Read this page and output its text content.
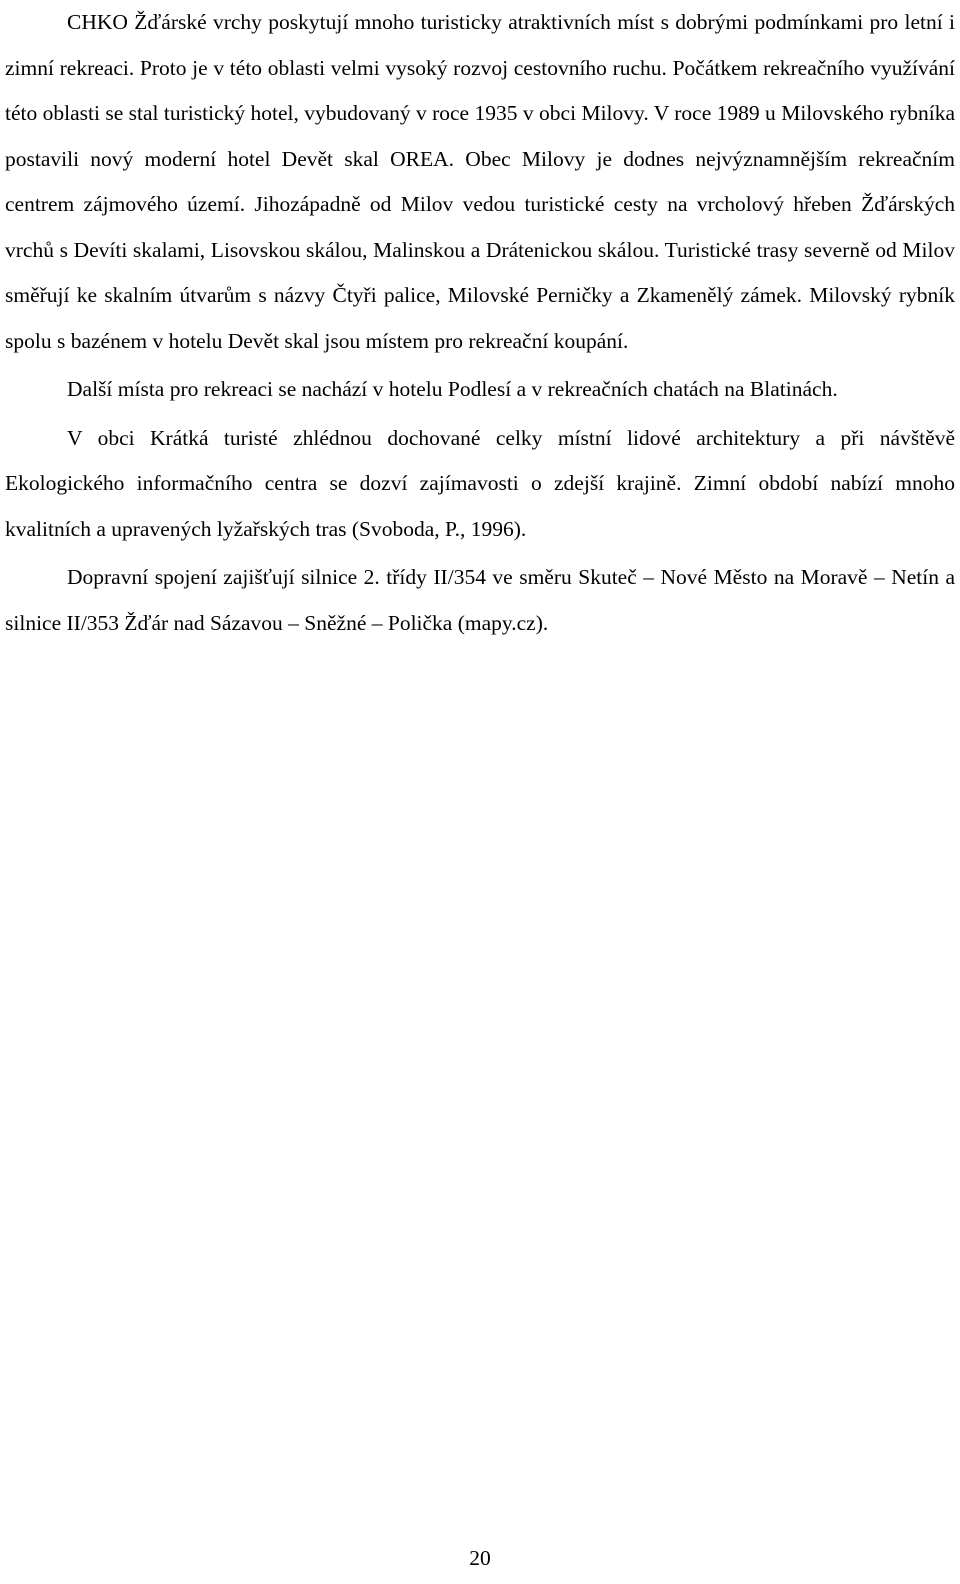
CHKO Žďárské vrchy poskytují mnoho turisticky atraktivních míst s dobrými podmínkami pro letní i zimní rekreaci. Proto je v této oblasti velmi vysoký rozvoj cestovního ruchu. Počátkem rekreačního využívání této oblasti se stal turistický hotel, vybudovaný v roce 1935 v obci Milovy. V roce 1989 u Milovského rybníka postavili nový moderní hotel Devět skal OREA. Obec Milovy je dodnes nejvýznamnějším rekreačním centrem zájmového území. Jihozápadně od Milov vedou turistické cesty na vrcholový hřeben Žďárských vrchů s Devíti skalami, Lisovskou skálou, Malinskou a Drátenickou skálou. Turistické trasy severně od Milov směřují ke skalním útvarům s názvy Čtyři palice, Milovské Perničky a Zkamenělý zámek. Milovský rybník spolu s bazénem v hotelu Devět skal jsou místem pro rekreační koupání.

Další místa pro rekreaci se nachází v hotelu Podlesí a v rekreačních chatách na Blatinách.

V obci Krátká turisté zhlédnou dochované celky místní lidové architektury a při návštěvě Ekologického informačního centra se dozví zajímavosti o zdejší krajině. Zimní období nabízí mnoho kvalitních a upravených lyžařských tras (Svoboda, P., 1996).

Dopravní spojení zajišťují silnice 2. třídy II/354 ve směru Skuteč – Nové Město na Moravě – Netín a silnice II/353 Žďár nad Sázavou – Sněžné – Polička (mapy.cz).

20
